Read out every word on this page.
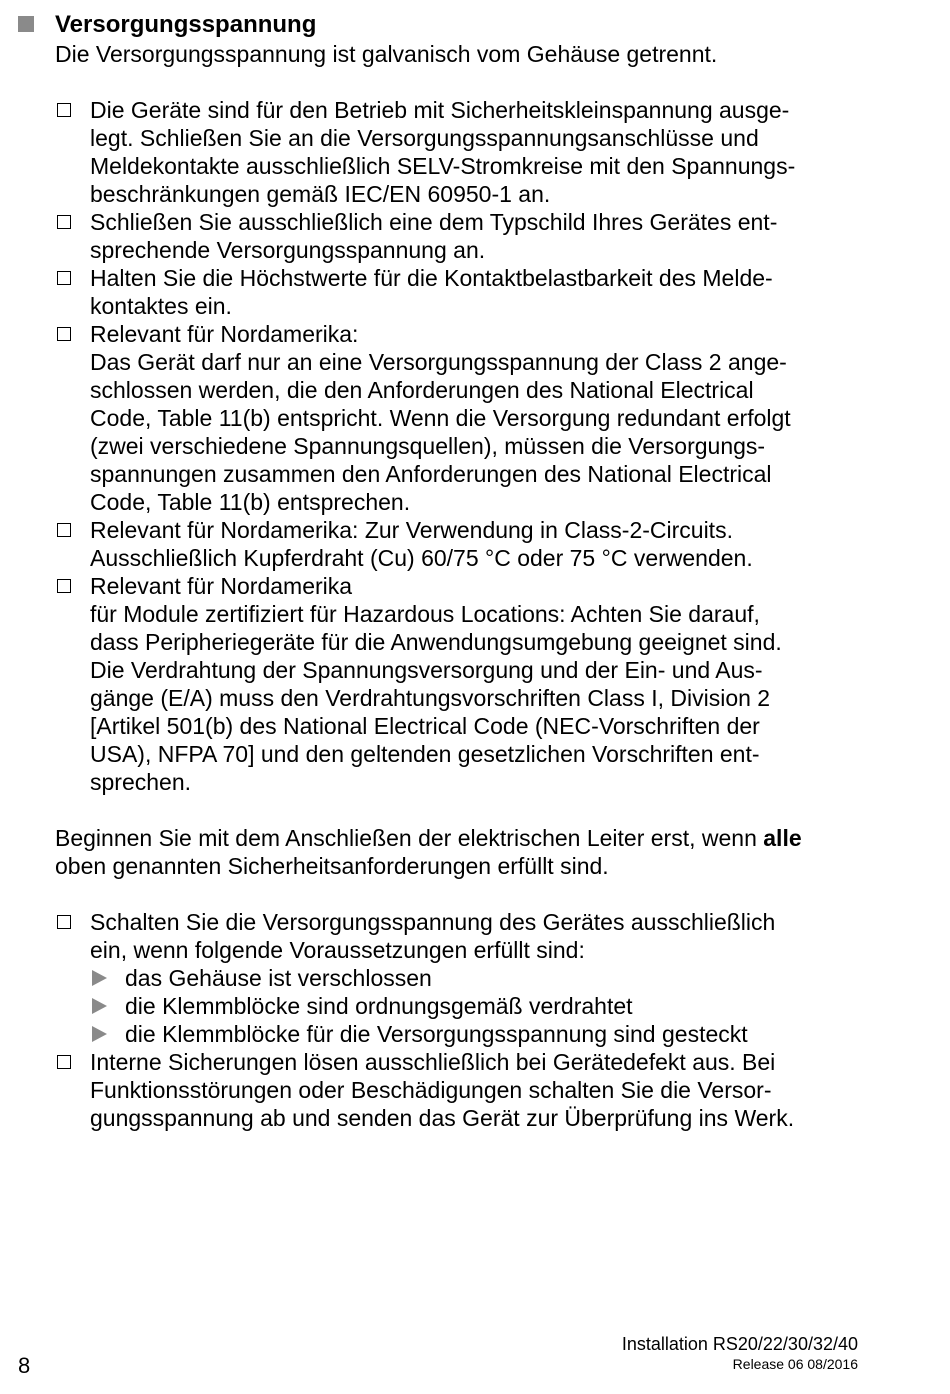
Versorgungsspannung
Die Versorgungsspannung ist galvanisch vom Gehäuse getrennt.
Die Geräte sind für den Betrieb mit Sicherheitskleinspannung ausge-
legt. Schließen Sie an die Versorgungsspannungsanschlüsse und
Meldekontakte ausschließlich SELV-Stromkreise mit den Spannungs-
beschränkungen gemäß IEC/EN 60950-1 an.
Schließen Sie ausschließlich eine dem Typschild Ihres Gerätes ent-
sprechende Versorgungsspannung an.
Halten Sie die Höchstwerte für die Kontaktbelastbarkeit des Melde-
kontaktes ein.
Relevant für Nordamerika:
Das Gerät darf nur an eine Versorgungsspannung der Class 2 ange-
schlossen werden, die den Anforderungen des National Electrical
Code, Table 11(b) entspricht. Wenn die Versorgung redundant erfolgt
(zwei verschiedene Spannungsquellen), müssen die Versorgungs-
spannungen zusammen den Anforderungen des National Electrical
Code, Table 11(b) entsprechen.
Relevant für Nordamerika: Zur Verwendung in Class-2-Circuits.
Ausschließlich Kupferdraht (Cu) 60/75 °C oder 75 °C verwenden.
Relevant für Nordamerika
für Module zertifiziert für Hazardous Locations: Achten Sie darauf,
dass Peripheriegeräte für die Anwendungsumgebung geeignet sind.
Die Verdrahtung der Spannungsversorgung und der Ein- und Aus-
gänge (E/A) muss den Verdrahtungsvorschriften Class I, Division 2
[Artikel 501(b) des National Electrical Code (NEC-Vorschriften der
USA), NFPA 70] und den geltenden gesetzlichen Vorschriften ent-
sprechen.
Beginnen Sie mit dem Anschließen der elektrischen Leiter erst, wenn alle
oben genannten Sicherheitsanforderungen erfüllt sind.
Schalten Sie die Versorgungsspannung des Gerätes ausschließlich
ein, wenn folgende Voraussetzungen erfüllt sind:
das Gehäuse ist verschlossen
die Klemmblöcke sind ordnungsgemäß verdrahtet
die Klemmblöcke für die Versorgungsspannung sind gesteckt
Interne Sicherungen lösen ausschließlich bei Gerätedefekt aus. Bei
Funktionsstörungen oder Beschädigungen schalten Sie die Versor-
gungsspannung ab und senden das Gerät zur Überprüfung ins Werk.
8
Installation RS20/22/30/32/40
Release 06 08/2016
